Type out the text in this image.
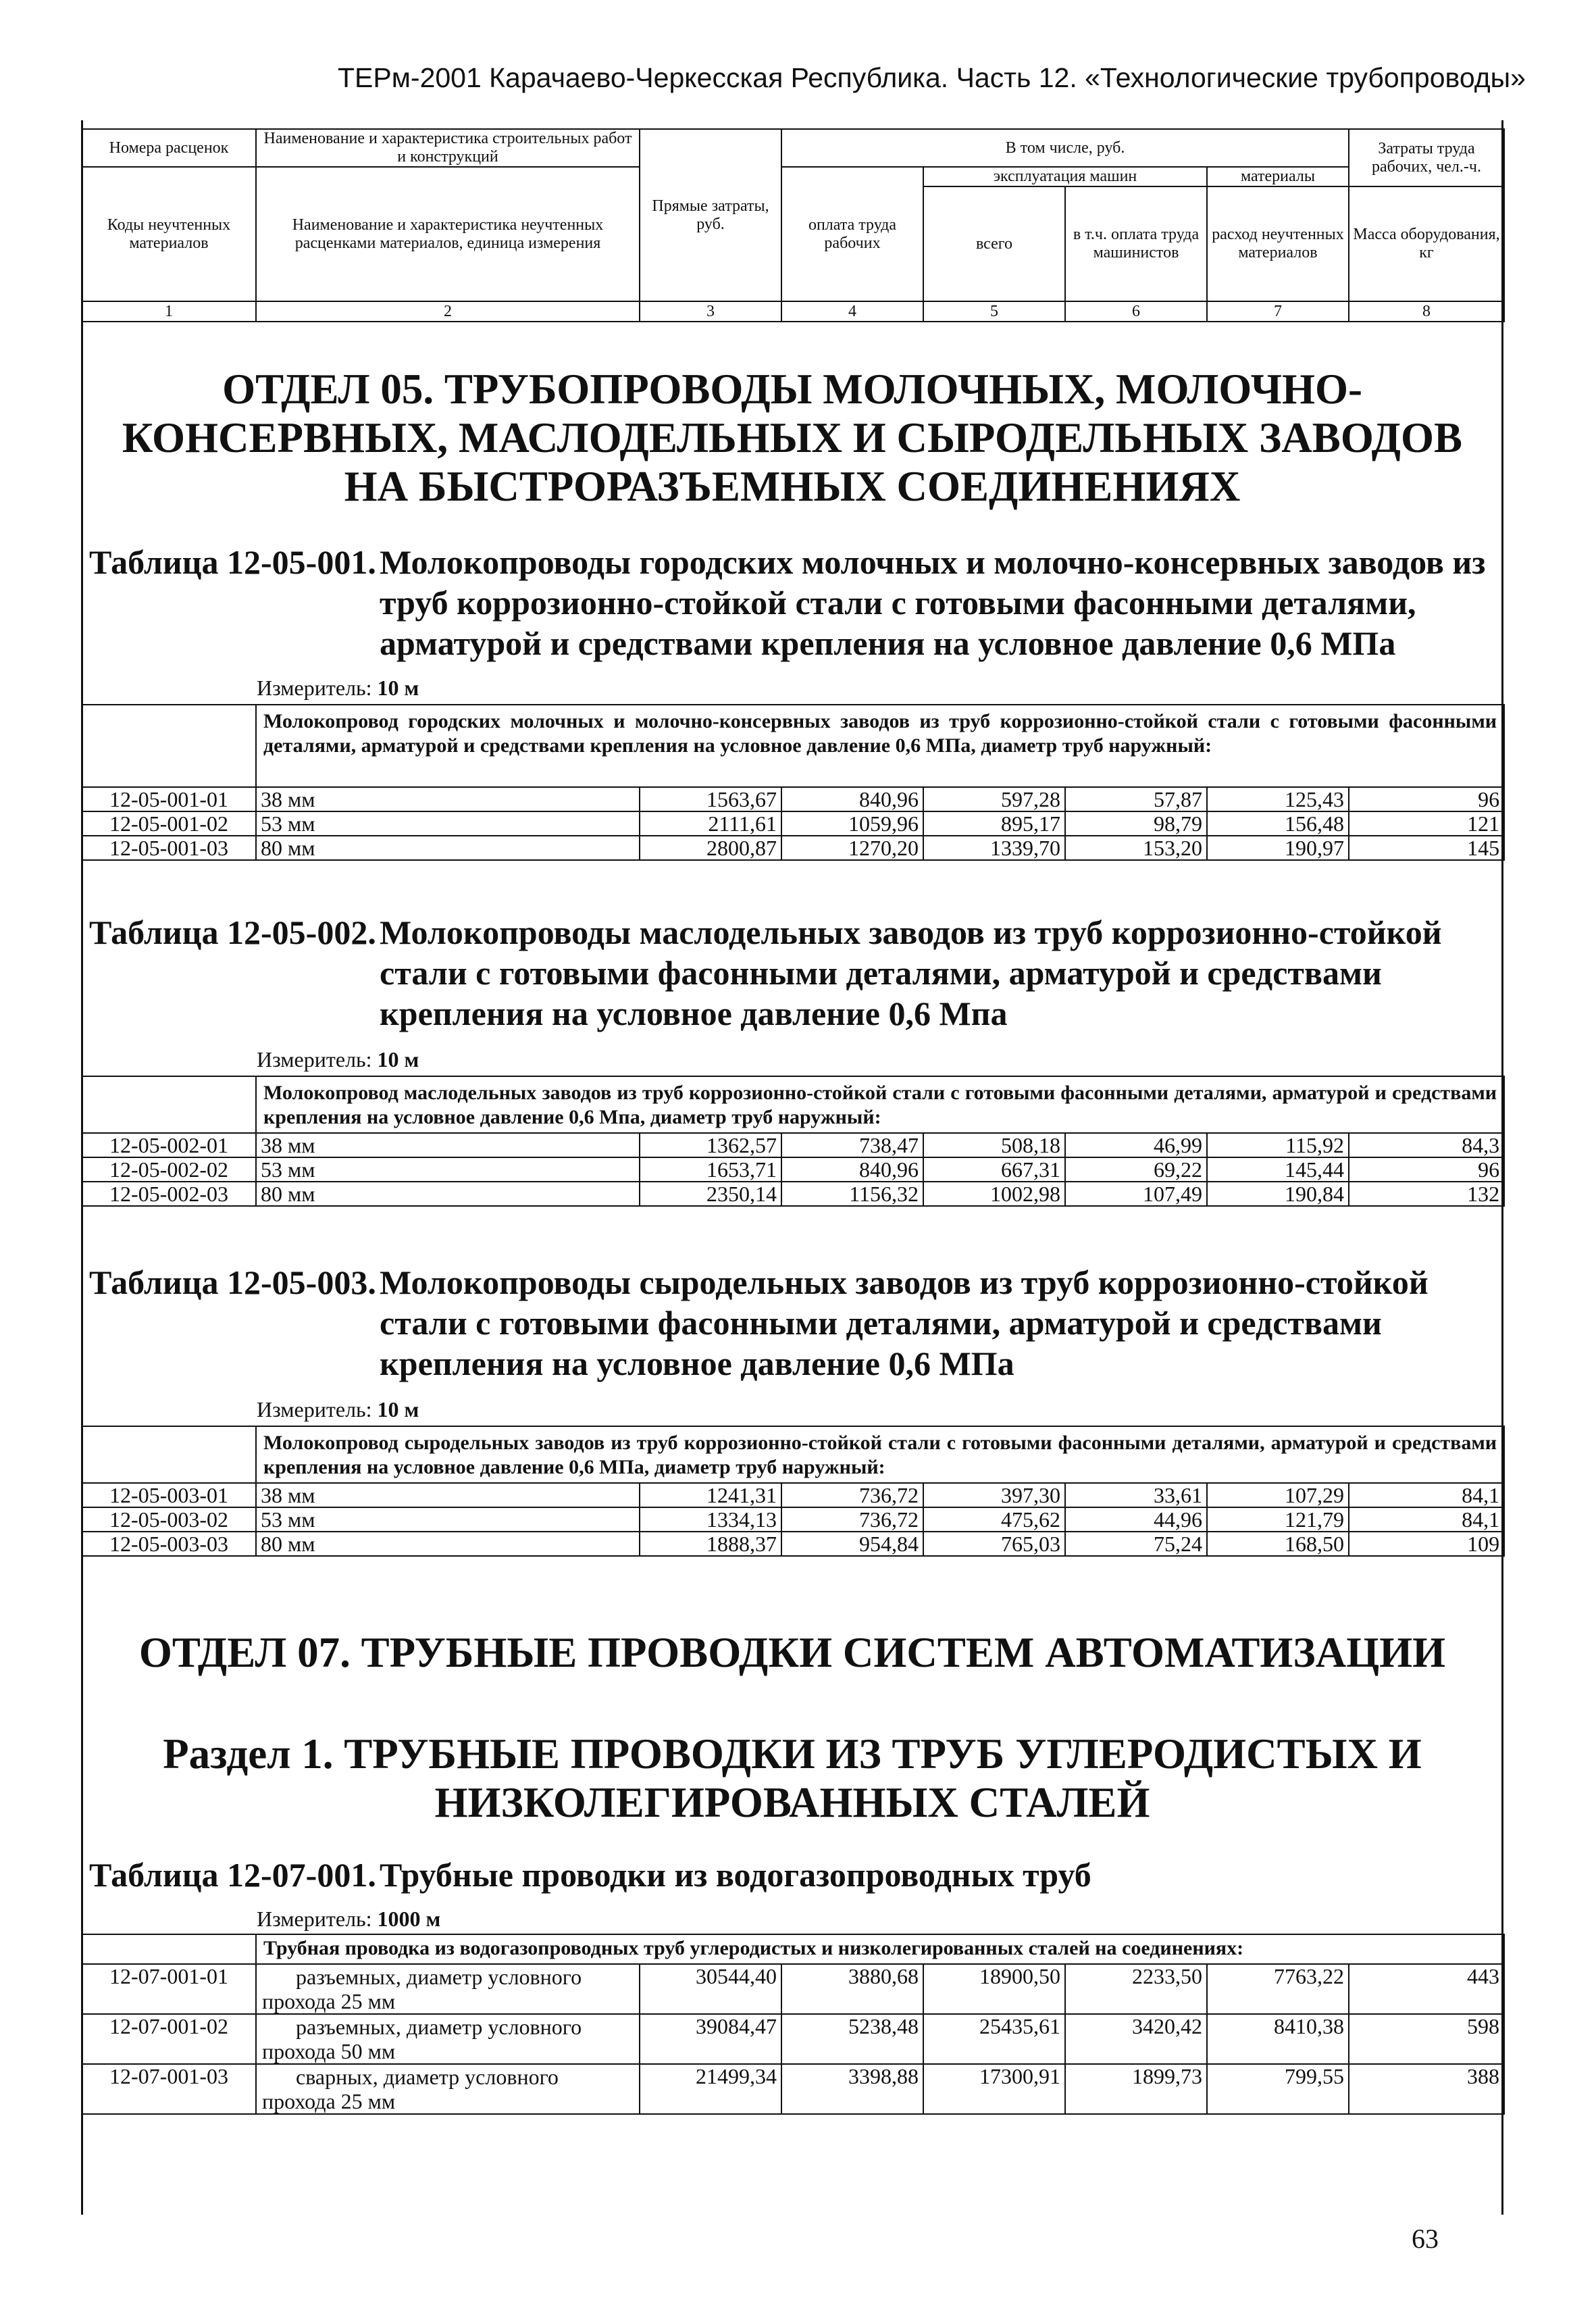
ТЕРм-2001 Карачаево-Черкесская Республика. Часть 12. «Технологические трубопроводы»
Номера расценок	Наименование и характеристика строительных работ и конструкций	Прямые затраты, руб.	В том числе, руб.				Затраты труда рабочих, чел.-ч.
Коды неучтенных материалов	Наименование и характеристика неучтенных расценками материалов, единица измерения		оплата труда рабочих	эксплуатация машин		материалы	
				всего	в т.ч. оплата труда машинистов	расход неучтенных материалов	Масса оборудования, кг
1	2	3	4	5	6	7	8
ОТДЕЛ 05. ТРУБОПРОВОДЫ МОЛОЧНЫХ, МОЛОЧНО-КОНСЕРВНЫХ, МАСЛОДЕЛЬНЫХ И СЫРОДЕЛЬНЫХ ЗАВОДОВ НА БЫСТРОРАЗЪЕМНЫХ СОЕДИНЕНИЯХ
Таблица 12-05-001. Молокопроводы городских молочных и молочно-консервных заводов из труб коррозионно-стойкой стали с готовыми фасонными деталями, арматурой и средствами крепления на условное давление 0,6 МПа
Измеритель: 10 м
	Молокопровод городских молочных и молочно-консервных заводов из труб коррозионно-стойкой стали с готовыми фасонными деталями, арматурой и средствами крепления на условное давление 0,6 МПа, диаметр труб наружный:						
12-05-001-01	38 мм	1563,67	840,96	597,28	57,87	125,43	96
12-05-001-02	53 мм	2111,61	1059,96	895,17	98,79	156,48	121
12-05-001-03	80 мм	2800,87	1270,20	1339,70	153,20	190,97	145
Таблица 12-05-002. Молокопроводы маслодельных заводов из труб коррозионно-стойкой стали с готовыми фасонными деталями, арматурой и средствами крепления на условное давление 0,6 Мпа
Измеритель: 10 м
	Молокопровод маслодельных заводов из труб коррозионно-стойкой стали с готовыми фасонными деталями, арматурой и средствами крепления на условное давление 0,6 Мпа, диаметр труб наружный:						
12-05-002-01	38 мм	1362,57	738,47	508,18	46,99	115,92	84,3
12-05-002-02	53 мм	1653,71	840,96	667,31	69,22	145,44	96
12-05-002-03	80 мм	2350,14	1156,32	1002,98	107,49	190,84	132
Таблица 12-05-003. Молокопроводы сыродельных заводов из труб коррозионно-стойкой стали с готовыми фасонными деталями, арматурой и средствами крепления на условное давление 0,6 МПа
Измеритель: 10 м
	Молокопровод сыродельных заводов из труб коррозионно-стойкой стали с готовыми фасонными деталями, арматурой и средствами крепления на условное давление 0,6 МПа, диаметр труб наружный:						
12-05-003-01	38 мм	1241,31	736,72	397,30	33,61	107,29	84,1
12-05-003-02	53 мм	1334,13	736,72	475,62	44,96	121,79	84,1
12-05-003-03	80 мм	1888,37	954,84	765,03	75,24	168,50	109
ОТДЕЛ 07. ТРУБНЫЕ ПРОВОДКИ СИСТЕМ АВТОМАТИЗАЦИИ
Раздел 1. ТРУБНЫЕ ПРОВОДКИ ИЗ ТРУБ УГЛЕРОДИСТЫХ И НИЗКОЛЕГИРОВАННЫХ СТАЛЕЙ
Таблица 12-07-001. Трубные проводки из водогазопроводных труб
Измеритель: 1000 м
	Трубная проводка из водогазопроводных труб углеродистых и низколегированных сталей на соединениях:						
12-07-001-01	разъемных, диаметр условного
прохода 25 мм	30544,40	3880,68	18900,50	2233,50	7763,22	443
12-07-001-02	разъемных, диаметр условного
прохода 50 мм	39084,47	5238,48	25435,61	3420,42	8410,38	598
12-07-001-03	сварных, диаметр условного
прохода 25 мм	21499,34	3398,88	17300,91	1899,73	799,55	388
63
